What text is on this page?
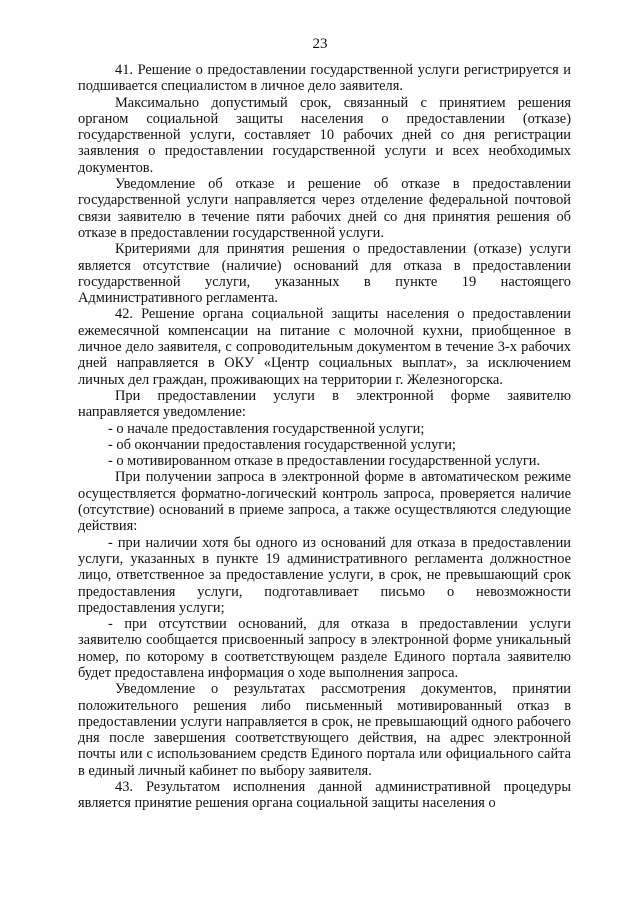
23

41. Решение о предоставлении государственной услуги регистрируется и подшивается специалистом в личное дело заявителя.

Максимально допустимый срок, связанный с принятием решения органом социальной защиты населения о предоставлении (отказе) государственной услуги, составляет 10 рабочих дней со дня регистрации заявления о предоставлении государственной услуги и всех необходимых документов.

Уведомление об отказе и решение об отказе в предоставлении государственной услуги направляется через отделение федеральной почтовой связи заявителю в течение пяти рабочих дней со дня принятия решения об отказе в предоставлении государственной услуги.

Критериями для принятия решения о предоставлении (отказе) услуги является отсутствие (наличие) оснований для отказа в предоставлении государственной услуги, указанных в пункте 19 настоящего Административного регламента.

42. Решение органа социальной защиты населения о предоставлении ежемесячной компенсации на питание с молочной кухни, приобщенное в личное дело заявителя, с сопроводительным документом в течение 3-х рабочих дней направляется в ОКУ «Центр социальных выплат», за исключением личных дел граждан, проживающих на территории г. Железногорска.

При предоставлении услуги в электронной форме заявителю направляется уведомление:

- о начале предоставления государственной услуги;

- об окончании предоставления государственной услуги;

- о мотивированном отказе в предоставлении государственной услуги.

При получении запроса в электронной форме в автоматическом режиме осуществляется форматно-логический контроль запроса, проверяется наличие (отсутствие) оснований в приеме запроса, а также осуществляются следующие действия:

- при наличии хотя бы одного из оснований для отказа в предоставлении услуги, указанных в пункте 19 административного регламента должностное лицо, ответственное за предоставление услуги, в срок, не превышающий срок предоставления услуги, подготавливает письмо о невозможности предоставления услуги;

- при отсутствии оснований, для отказа в предоставлении услуги заявителю сообщается присвоенный запросу в электронной форме уникальный номер, по которому в соответствующем разделе Единого портала заявителю будет предоставлена информация о ходе выполнения запроса.

Уведомление о результатах рассмотрения документов, принятии положительного решения либо письменный мотивированный отказ в предоставлении услуги направляется в срок, не превышающий одного рабочего дня после завершения соответствующего действия, на адрес электронной почты или с использованием средств Единого портала или официального сайта в единый личный кабинет по выбору заявителя.

43. Результатом исполнения данной административной процедуры является принятие решения органа социальной защиты населения о
